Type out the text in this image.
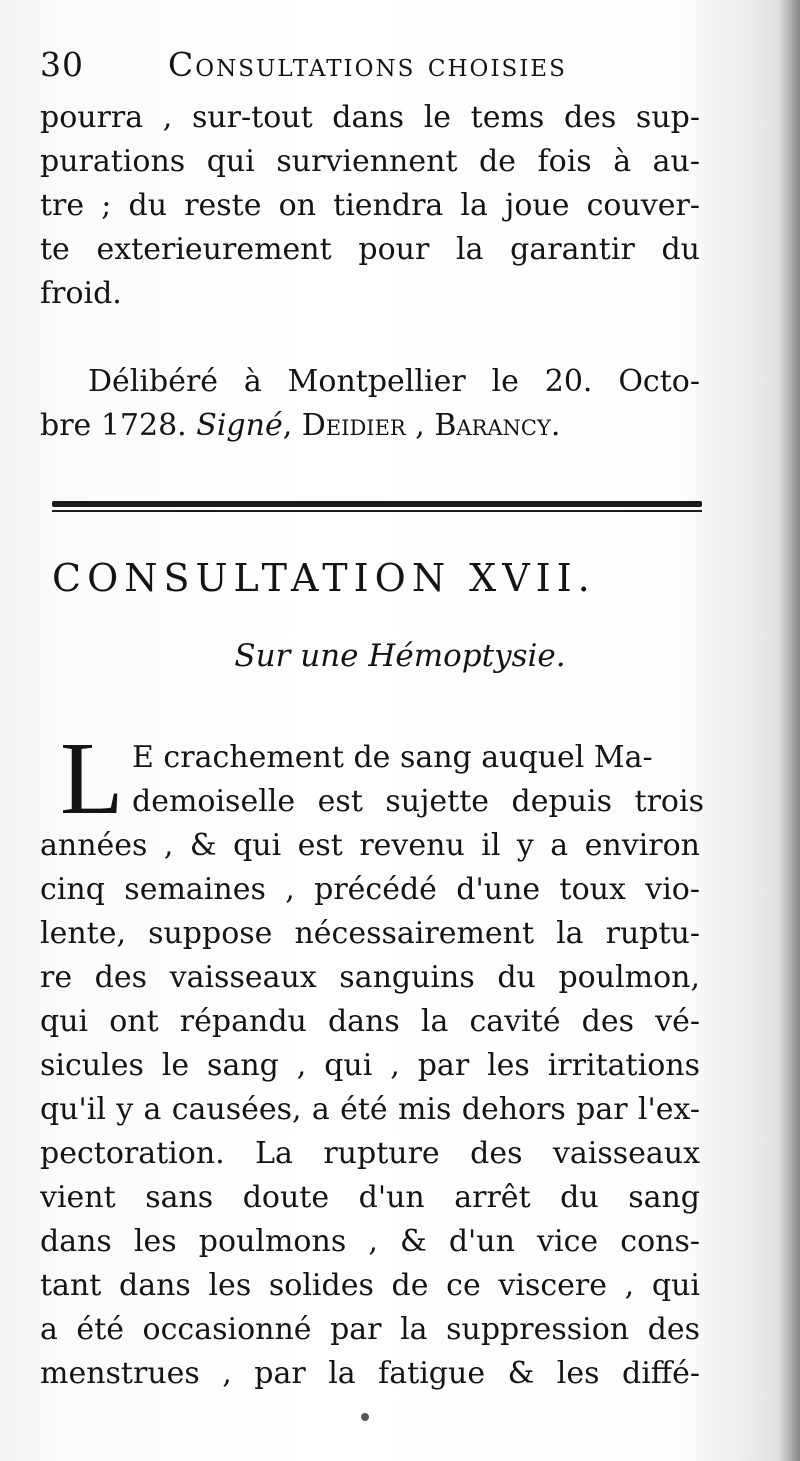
30	Consultations choisies
pourra , sur-tout dans le tems des sup-
purations qui surviennent de fois à au-
tre ; du reste on tiendra la joue couver-
te exterieurement pour la garantir du
froid.
Délibéré à Montpellier le 20. Octo-
bre 1728. Signé, Deidier , Barancy.
CONSULTATION XVII.
Sur une Hémoptysie.
L E crachement de sang auquel Ma-
demoiselle est sujette depuis trois
années , & qui est revenu il y a environ
cinq semaines , précédé d'une toux vio-
lente, suppose nécessairement la ruptu-
re des vaisseaux sanguins du poulmon,
qui ont répandu dans la cavité des vé-
sicules le sang , qui , par les irritations
qu'il y a causées, a été mis dehors par l'ex-
pectoration. La rupture des vaisseaux
vient sans doute d'un arrêt du sang
dans les poulmons , & d'un vice cons-
tant dans les solides de ce viscere , qui
a été occasionné par la suppression des
menstrues , par la fatigue & les diffé-
